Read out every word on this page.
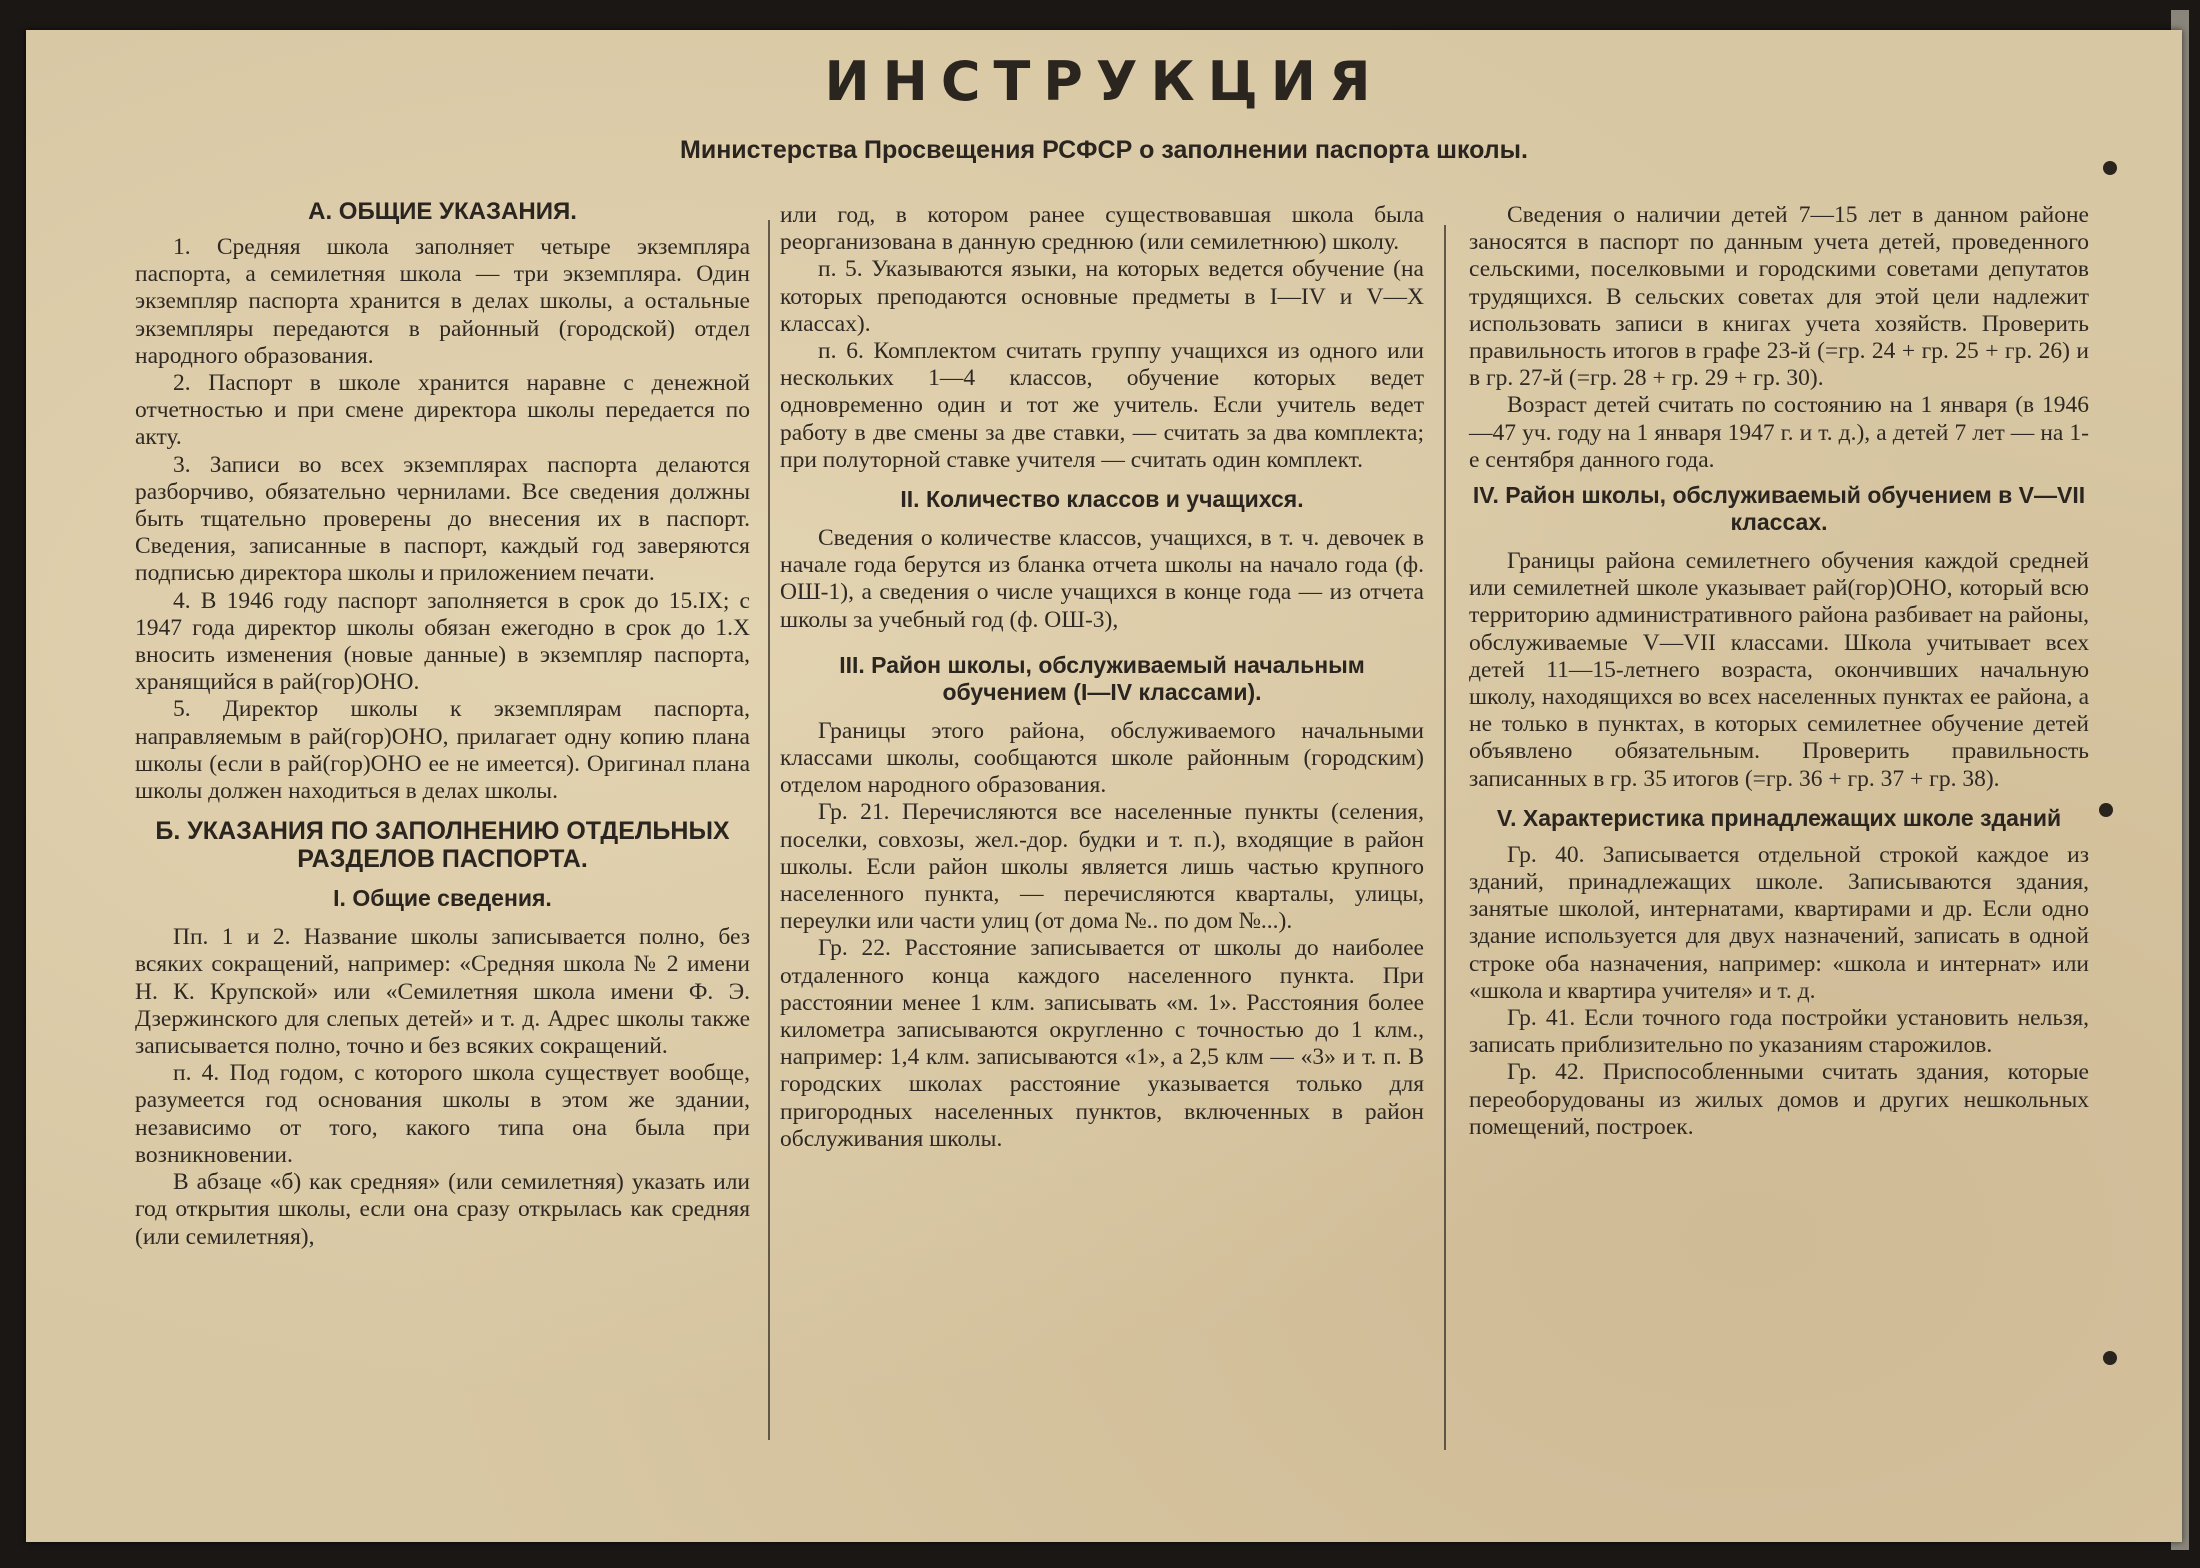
ИНСТРУКЦИЯ
Министерства Просвещения РСФСР о заполнении паспорта школы.
А. ОБЩИЕ УКАЗАНИЯ.

1. Средняя школа заполняет четыре экземпляра паспорта, а семилетняя школа — три экземпляра. Один экземпляр паспорта хранится в делах школы, а остальные экземпляры передаются в районный (городской) отдел народного образования.

2. Паспорт в школе хранится наравне с денежной отчетностью и при смене директора школы передается по акту.

3. Записи во всех экземплярах паспорта делаются разборчиво, обязательно чернилами. Все сведения должны быть тщательно проверены до внесения их в паспорт. Сведения, записанные в паспорт, каждый год заверяются подписью директора школы и приложением печати.

4. В 1946 году паспорт заполняется в срок до 15.IX; с 1947 года директор школы обязан ежегодно в срок до 1.X вносить изменения (новые данные) в экземпляр паспорта, хранящийся в рай(гор)ОНО.

5. Директор школы к экземплярам паспорта, направляемым в рай(гор)ОНО, прилагает одну копию плана школы (если в рай(гор)ОНО ее не имеется). Оригинал плана школы должен находиться в делах школы.

Б. УКАЗАНИЯ ПО ЗАПОЛНЕНИЮ ОТДЕЛЬНЫХ РАЗДЕЛОВ ПАСПОРТА.
I. Общие сведения.

Пп. 1 и 2. Название школы записывается полно, без всяких сокращений, например: «Средняя школа № 2 имени Н. К. Крупской» или «Семилетняя школа имени Ф. Э. Дзержинского для слепых детей» и т. д. Адрес школы также записывается полно, точно и без всяких сокращений.

п. 4. Под годом, с которого школа существует вообще, разумеется год основания школы в этом же здании, независимо от того, какого типа она была при возникновении.

В абзаце «б) как средняя» (или семилетняя) указать или год открытия школы, если она сразу открылась как средняя (или семилетняя),

или год, в котором ранее существовавшая школа была реорганизована в данную среднюю (или семилетнюю) школу.

п. 5. Указываются языки, на которых ведется обучение (на которых преподаются основные предметы в I—IV и V—X классах).

п. 6. Комплектом считать группу учащихся из одного или нескольких 1—4 классов, обучение которых ведет одновременно один и тот же учитель. Если учитель ведет работу в две смены за две ставки, — считать за два комплекта; при полуторной ставке учителя — считать один комплект.

II. Количество классов и учащихся.

Сведения о количестве классов, учащихся, в т. ч. девочек в начале года берутся из бланка отчета школы на начало года (ф. ОШ-1), а сведения о числе учащихся в конце года — из отчета школы за учебный год (ф. ОШ-3),

III. Район школы, обслуживаемый начальным обучением (I—IV классами).

Границы этого района, обслуживаемого начальными классами школы, сообщаются школе районным (городским) отделом народного образования.

Гр. 21. Перечисляются все населенные пункты (селения, поселки, совхозы, жел.-дор. будки и т. п.), входящие в район школы. Если район школы является лишь частью крупного населенного пункта, — перечисляются кварталы, улицы, переулки или части улиц (от дома №.. по дом №...).

Гр. 22. Расстояние записывается от школы до наиболее отдаленного конца каждого населенного пункта. При расстоянии менее 1 клм. записывать «м. 1». Расстояния более километра записываются округленно с точностью до 1 клм., например: 1,4 клм. записываются «1», а 2,5 клм — «3» и т. п. В городских школах расстояние указывается только для пригородных населенных пунктов, включенных в район обслуживания школы.

Сведения о наличии детей 7—15 лет в данном районе заносятся в паспорт по данным учета детей, проведенного сельскими, поселковыми и городскими советами депутатов трудящихся. В сельских советах для этой цели надлежит использовать записи в книгах учета хозяйств. Проверить правильность итогов в графе 23-й (=гр. 24 + гр. 25 + гр. 26) и в гр. 27-й (=гр. 28 + гр. 29 + гр. 30).

Возраст детей считать по состоянию на 1 января (в 1946—47 уч. году на 1 января 1947 г. и т. д.), а детей 7 лет — на 1-е сентября данного года.

IV. Район школы, обслуживаемый обучением в V—VII классах.

Границы района семилетнего обучения каждой средней или семилетней школе указывает рай(гор)ОНО, который всю территорию административного района разбивает на районы, обслуживаемые V—VII классами. Школа учитывает всех детей 11—15-летнего возраста, окончивших начальную школу, находящихся во всех населенных пунктах ее района, а не только в пунктах, в которых семилетнее обучение детей объявлено обязательным. Проверить правильность записанных в гр. 35 итогов (=гр. 36 + гр. 37 + гр. 38).

V. Характеристика принадлежащих школе зданий

Гр. 40. Записывается отдельной строкой каждое из зданий, принадлежащих школе. Записываются здания, занятые школой, интернатами, квартирами и др. Если одно здание используется для двух назначений, записать в одной строке оба назначения, например: «школа и интернат» или «школа и квартира учителя» и т. д.

Гр. 41. Если точного года постройки установить нельзя, записать приблизительно по указаниям старожилов.

Гр. 42. Приспособленными считать здания, которые переоборудованы из жилых домов и других нешкольных помещений, построек.
